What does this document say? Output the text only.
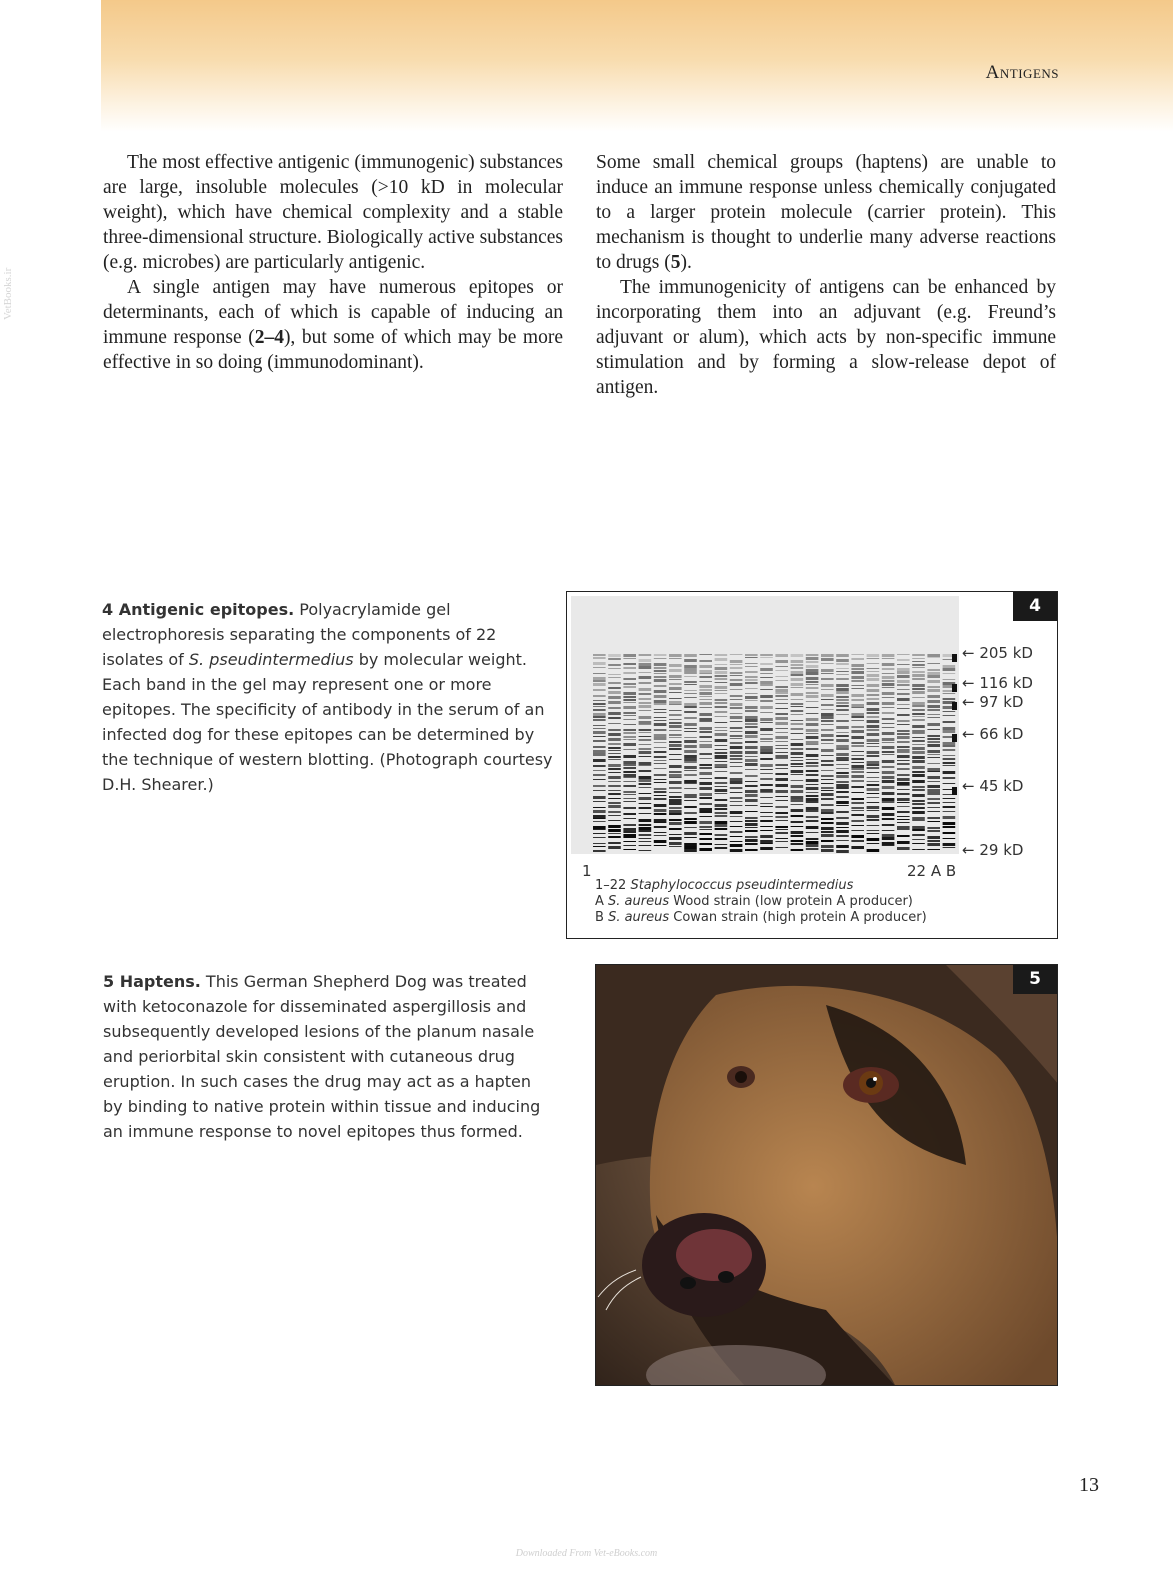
Antigens
VetBooks.ir

The most effective antigenic (immunogenic) substances are large, insoluble molecules (>10 kD in molecular weight), which have chemical complexity and a stable three-dimensional structure. Biologically active substances (e.g. microbes) are particularly antigenic.

A single antigen may have numerous epitopes or determinants, each of which is capable of inducing an immune response (2–4), but some of which may be more effective in so doing (immunodominant).

Some small chemical groups (haptens) are unable to induce an immune response unless chemically conjugated to a larger protein molecule (carrier protein). This mechanism is thought to underlie many adverse reactions to drugs (5).

The immunogenicity of antigens can be enhanced by incorporating them into an adjuvant (e.g. Freund’s adjuvant or alum), which acts by non-specific immune stimulation and by forming a slow-release depot of antigen.

4 Antigenic epitopes. Polyacrylamide gel electrophoresis separating the components of 22 isolates of S. pseudintermedius by molecular weight. Each band in the gel may represent one or more epitopes. The specificity of antibody in the serum of an infected dog for these epitopes can be determined by the technique of western blotting. (Photograph courtesy D.H. Shearer.)
4
← 205 kD
← 116 kD
← 97 kD
← 66 kD
← 45 kD
← 29 kD
1	22 A B
1–22 Staphylococcus pseudintermedius
A S. aureus Wood strain (low protein A producer)
B S. aureus Cowan strain (high protein A producer)
5 Haptens. This German Shepherd Dog was treated with ketoconazole for disseminated aspergillosis and subsequently developed lesions of the planum nasale and periorbital skin consistent with cutaneous drug eruption. In such cases the drug may act as a hapten by binding to native protein within tissue and inducing an immune response to novel epitopes thus formed.
5
13
Downloaded From Vet-eBooks.com
